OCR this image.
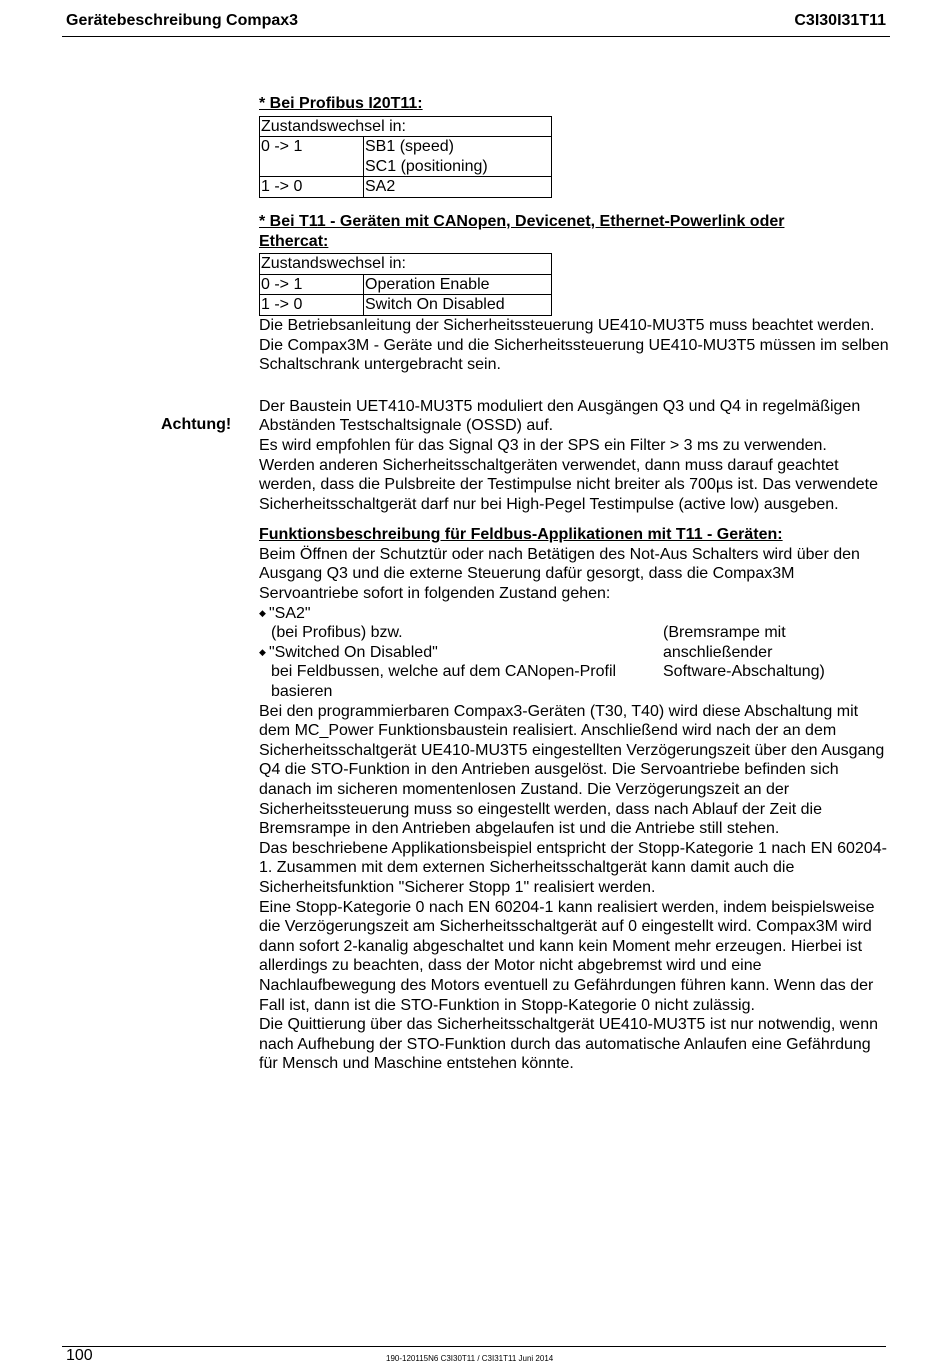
Gerätebeschreibung Compax3	C3I30I31T11
Achtung!
* Bei Profibus I20T11:
Zustandswechsel in:	
0 -> 1	SB1 (speed)
SC1 (positioning)

1 -> 0	SA2
* Bei T11 - Geräten mit CANopen, Devicenet, Ethernet-Powerlink oder
Ethercat:
Zustandswechsel in:	
0 -> 1	Operation Enable
1 -> 0	Switch On Disabled

Die Betriebsanleitung der Sicherheitssteuerung UE410-MU3T5 muss beachtet werden.

Die Compax3M - Geräte und die Sicherheitssteuerung UE410-MU3T5 müssen im selben Schaltschrank untergebracht sein.

Der Baustein UET410-MU3T5 moduliert den Ausgängen Q3 und Q4 in regelmäßigen Abständen Testschaltsignale (OSSD) auf.

Es wird empfohlen für das Signal Q3 in der SPS ein Filter > 3 ms zu verwenden.

Werden anderen Sicherheitsschaltgeräten verwendet, dann muss darauf geachtet werden, dass die Pulsbreite der Testimpulse nicht breiter als 700µs ist. Das verwendete Sicherheitsschaltgerät darf nur bei High-Pegel Testimpulse (active low) ausgeben.

Funktionsbeschreibung für Feldbus-Applikationen mit T11 - Geräten:

Beim Öffnen der Schutztür oder nach Betätigen des Not-Aus Schalters wird über den Ausgang Q3 und die externe Steuerung dafür gesorgt, dass die Compax3M Servoantriebe sofort in folgenden Zustand gehen:

◆ "SA2"
(bei Profibus) bzw.
◆ "Switched On Disabled"
bei Feldbussen, welche auf dem CANopen-Profil basieren
(Bremsrampe mit anschließender Software-Abschaltung)

Bei den programmierbaren Compax3-Geräten (T30, T40) wird diese Abschaltung mit dem MC_Power Funktionsbaustein realisiert. Anschließend wird nach der an dem Sicherheitsschaltgerät UE410-MU3T5 eingestellten Verzögerungszeit über den Ausgang Q4 die STO-Funktion in den Antrieben ausgelöst. Die Servoantriebe befinden sich danach im sicheren momentenlosen Zustand. Die Verzögerungszeit an der Sicherheitssteuerung muss so eingestellt werden, dass nach Ablauf der Zeit die Bremsrampe in den Antrieben abgelaufen ist und die Antriebe still stehen.

Das beschriebene Applikationsbeispiel entspricht der Stopp-Kategorie 1 nach EN 60204-1. Zusammen mit dem externen Sicherheitsschaltgerät kann damit auch die Sicherheitsfunktion "Sicherer Stopp 1" realisiert werden.

Eine Stopp-Kategorie 0 nach EN 60204-1 kann realisiert werden, indem beispielsweise die Verzögerungszeit am Sicherheitsschaltgerät auf 0 eingestellt wird. Compax3M wird dann sofort 2-kanalig abgeschaltet und kann kein Moment mehr erzeugen. Hierbei ist allerdings zu beachten, dass der Motor nicht abgebremst wird und eine Nachlaufbewegung des Motors eventuell zu Gefährdungen führen kann. Wenn das der Fall ist, dann ist die STO-Funktion in Stopp-Kategorie 0 nicht zulässig.

Die Quittierung über das Sicherheitsschaltgerät UE410-MU3T5 ist nur notwendig, wenn nach Aufhebung der STO-Funktion durch das automatische Anlaufen eine Gefährdung für Mensch und Maschine entstehen könnte.

100	190-120115N6 C3I30T11 / C3I31T11 Juni 2014
